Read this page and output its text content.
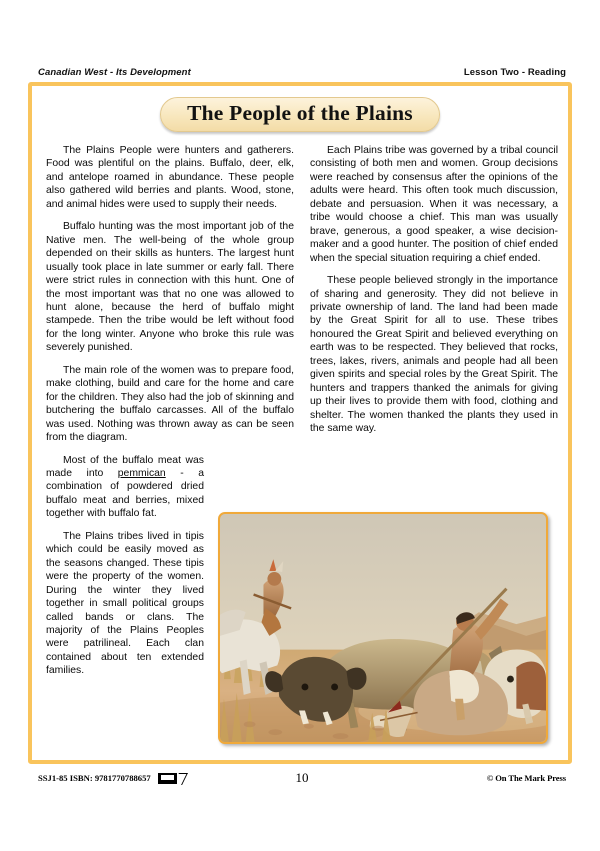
Canadian West - Its Development	Lesson Two - Reading
The People of the Plains

The Plains People were hunters and gatherers. Food was plentiful on the plains. Buffalo, deer, elk, and antelope roamed in abundance. These people also gathered wild berries and plants. Wood, stone, and animal hides were used to supply their needs.

Buffalo hunting was the most important job of the Native men. The well-being of the whole group depended on their skills as hunters. The largest hunt usually took place in late summer or early fall. There were strict rules in connection with this hunt. One of the most important was that no one was allowed to hunt alone, because the herd of buffalo might stampede. Then the tribe would be left without food for the long winter. Anyone who broke this rule was severely punished.

The main role of the women was to prepare food, make clothing, build and care for the home and care for the children. They also had the job of skinning and butchering the buffalo carcasses. All of the buffalo was used. Nothing was thrown away as can be seen from the diagram.

Most of the buffalo meat was made into pemmican - a combination of powdered dried buffalo meat and berries, mixed together with buffalo fat.

The Plains tribes lived in tipis which could be easily moved as the seasons changed. These tipis were the property of the women. During the winter they lived together in small political groups called bands or clans. The majority of the Plains Peoples were patrilineal. Each clan contained about ten extended families.

Each Plains tribe was governed by a tribal council consisting of both men and women. Group decisions were reached by consensus after the opinions of the adults were heard. This often took much discussion, debate and persuasion. When it was necessary, a tribe would choose a chief. This man was usually brave, generous, a good speaker, a wise decision-maker and a good hunter. The position of chief ended when the special situation requiring a chief ended.

These people believed strongly in the importance of sharing and generosity. They did not believe in private ownership of land. The land had been made by the Great Spirit for all to use. These tribes honoured the Great Spirit and believed everything on earth was to be respected. They believed that rocks, trees, lakes, rivers, animals and people had all been given spirits and special roles by the Great Spirit. The hunters and trappers thanked the animals for giving up their lives to provide them with food, clothing and shelter. The women thanked the plants they used in the same way.

SSJ1-85 ISBN: 9781770788657	10	© On The Mark Press
